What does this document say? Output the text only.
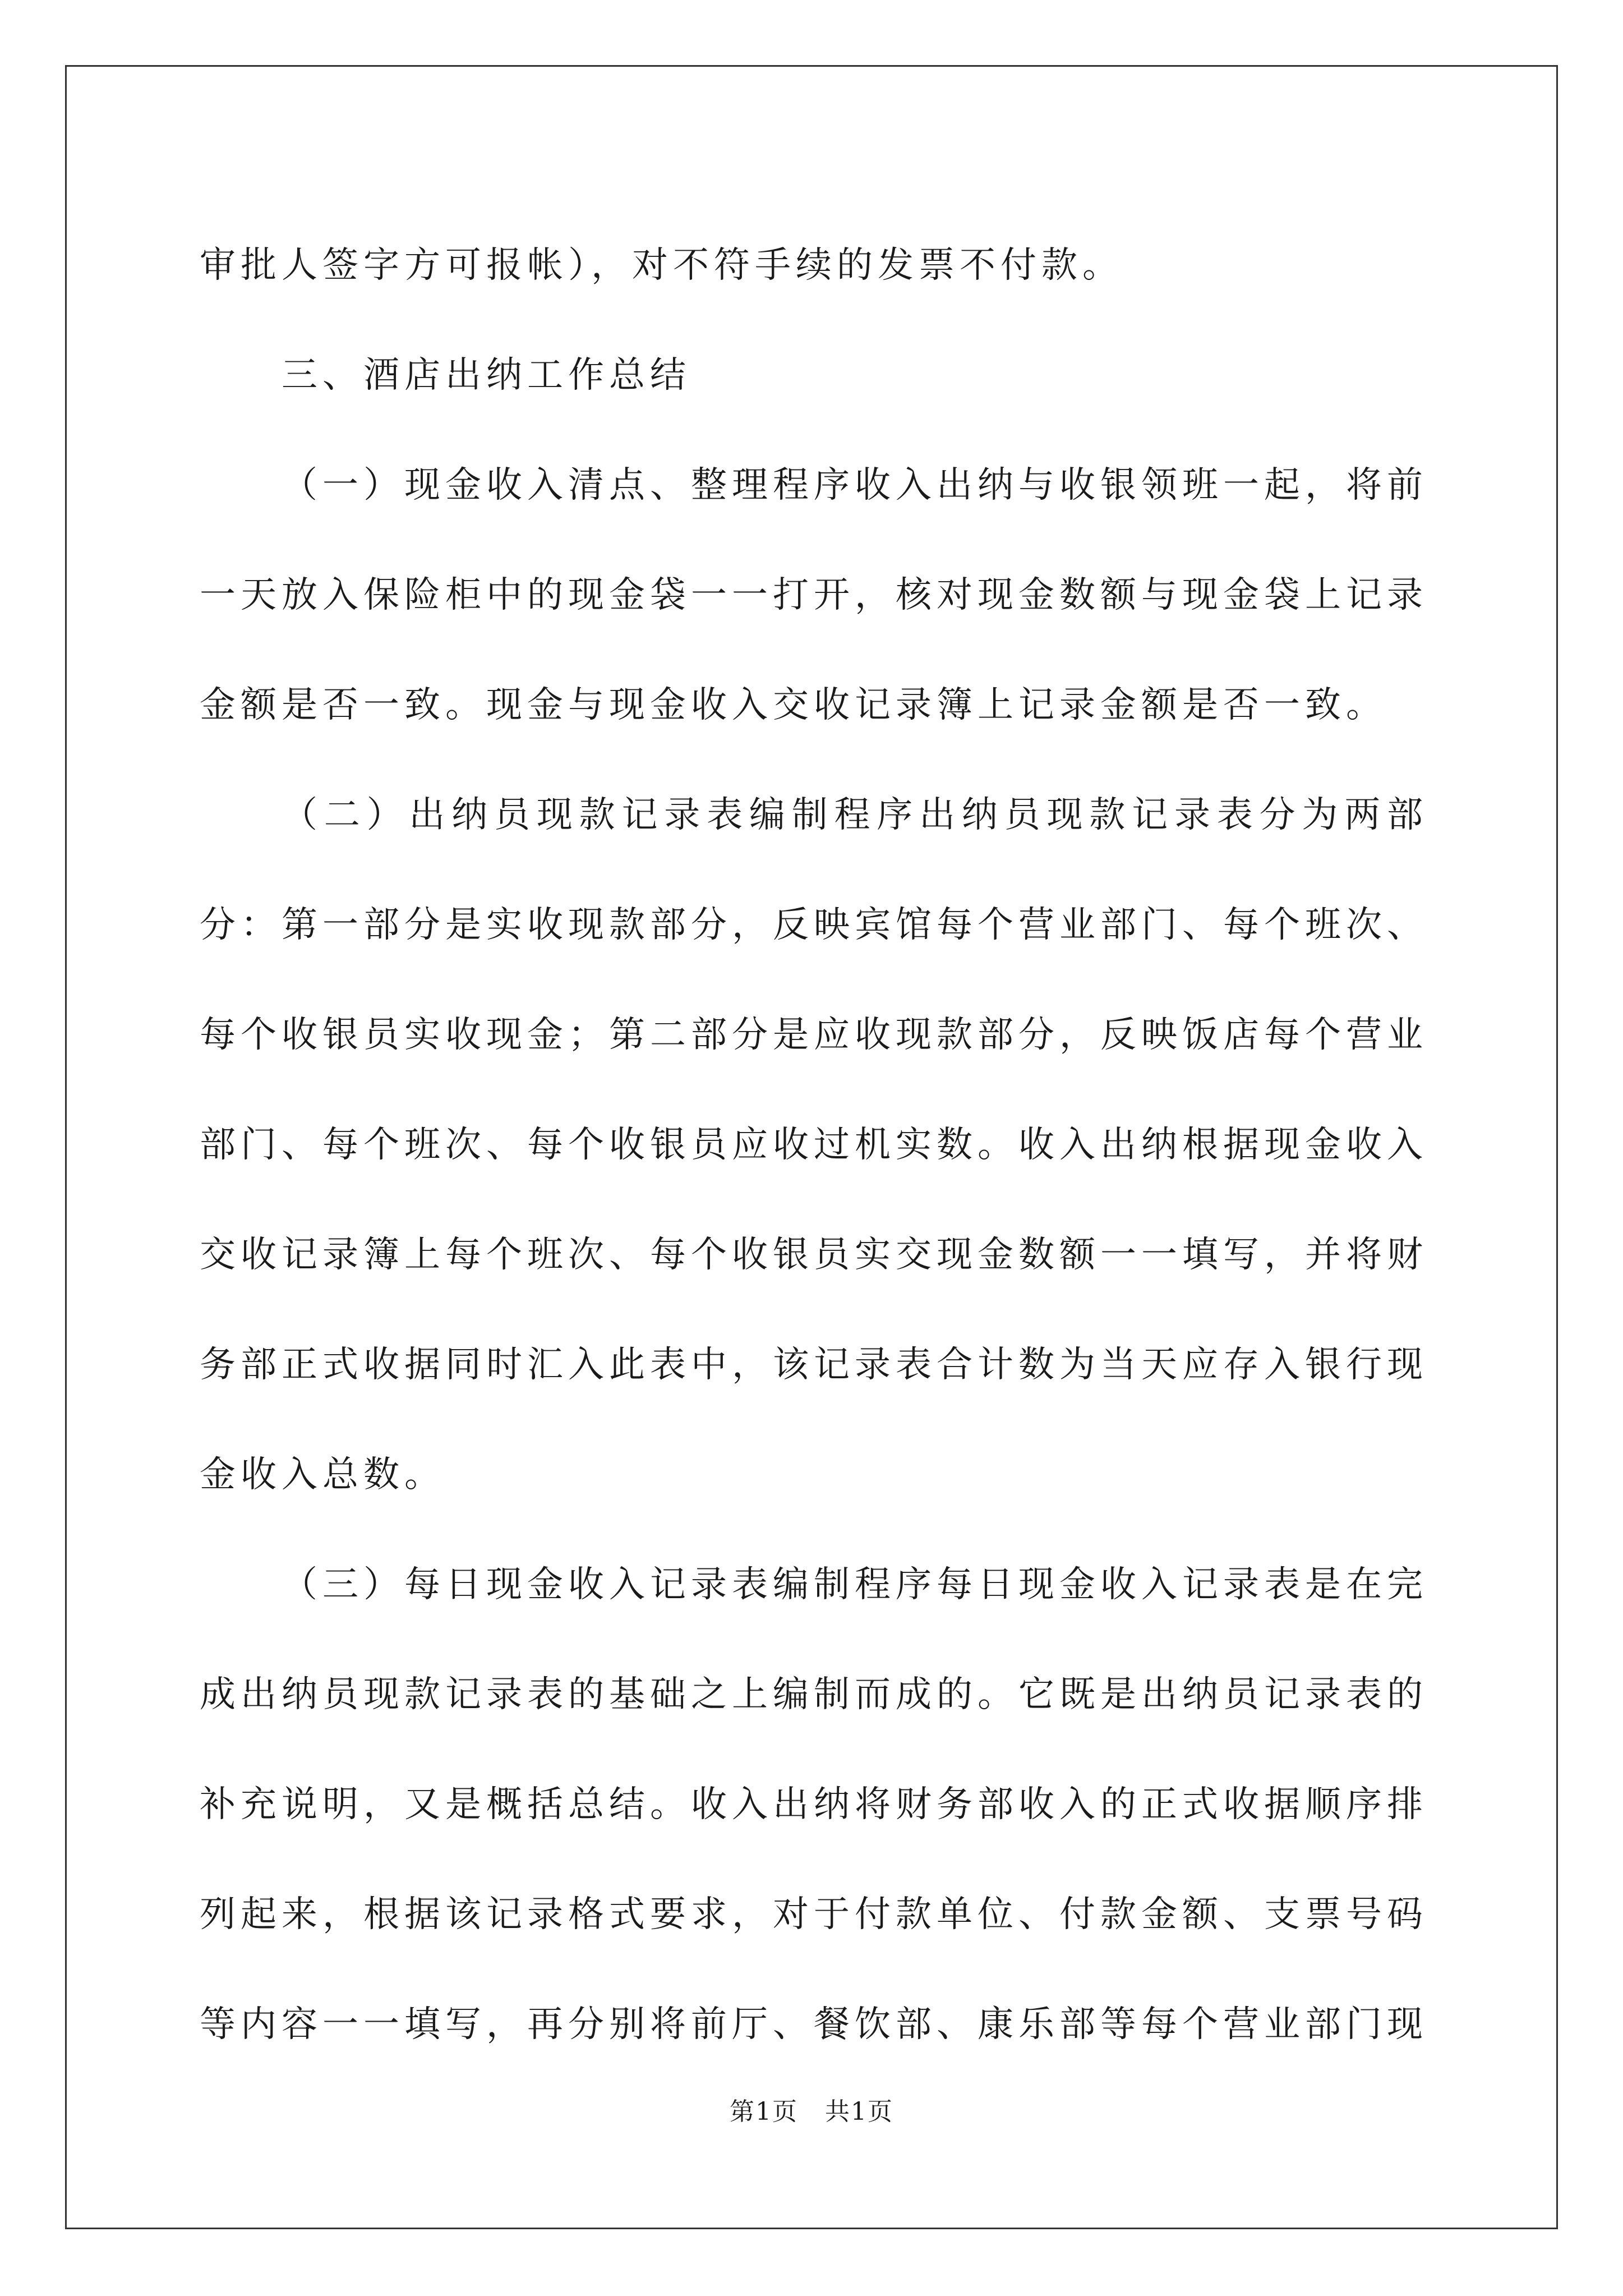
审批人签字方可报帐），对不符手续的发票不付款。

三、酒店出纳工作总结

（一）现金收入清点、整理程序收入出纳与收银领班一起，将前一天放入保险柜中的现金袋一一打开，核对现金数额与现金袋上记录金额是否一致。现金与现金收入交收记录簿上记录金额是否一致。

（二）出纳员现款记录表编制程序出纳员现款记录表分为两部分：第一部分是实收现款部分，反映宾馆每个营业部门、每个班次、每个收银员实收现金；第二部分是应收现款部分，反映饭店每个营业部门、每个班次、每个收银员应收过机实数。收入出纳根据现金收入交收记录簿上每个班次、每个收银员实交现金数额一一填写，并将财务部正式收据同时汇入此表中，该记录表合计数为当天应存入银行现金收入总数。

（三）每日现金收入记录表编制程序每日现金收入记录表是在完成出纳员现款记录表的基础之上编制而成的。它既是出纳员记录表的补充说明，又是概括总结。收入出纳将财务部收入的正式收据顺序排列起来，根据该记录格式要求，对于付款单位、付款金额、支票号码等内容一一填写，再分别将前厅、餐饮部、康乐部等每个营业部门现

第1页 共1页
